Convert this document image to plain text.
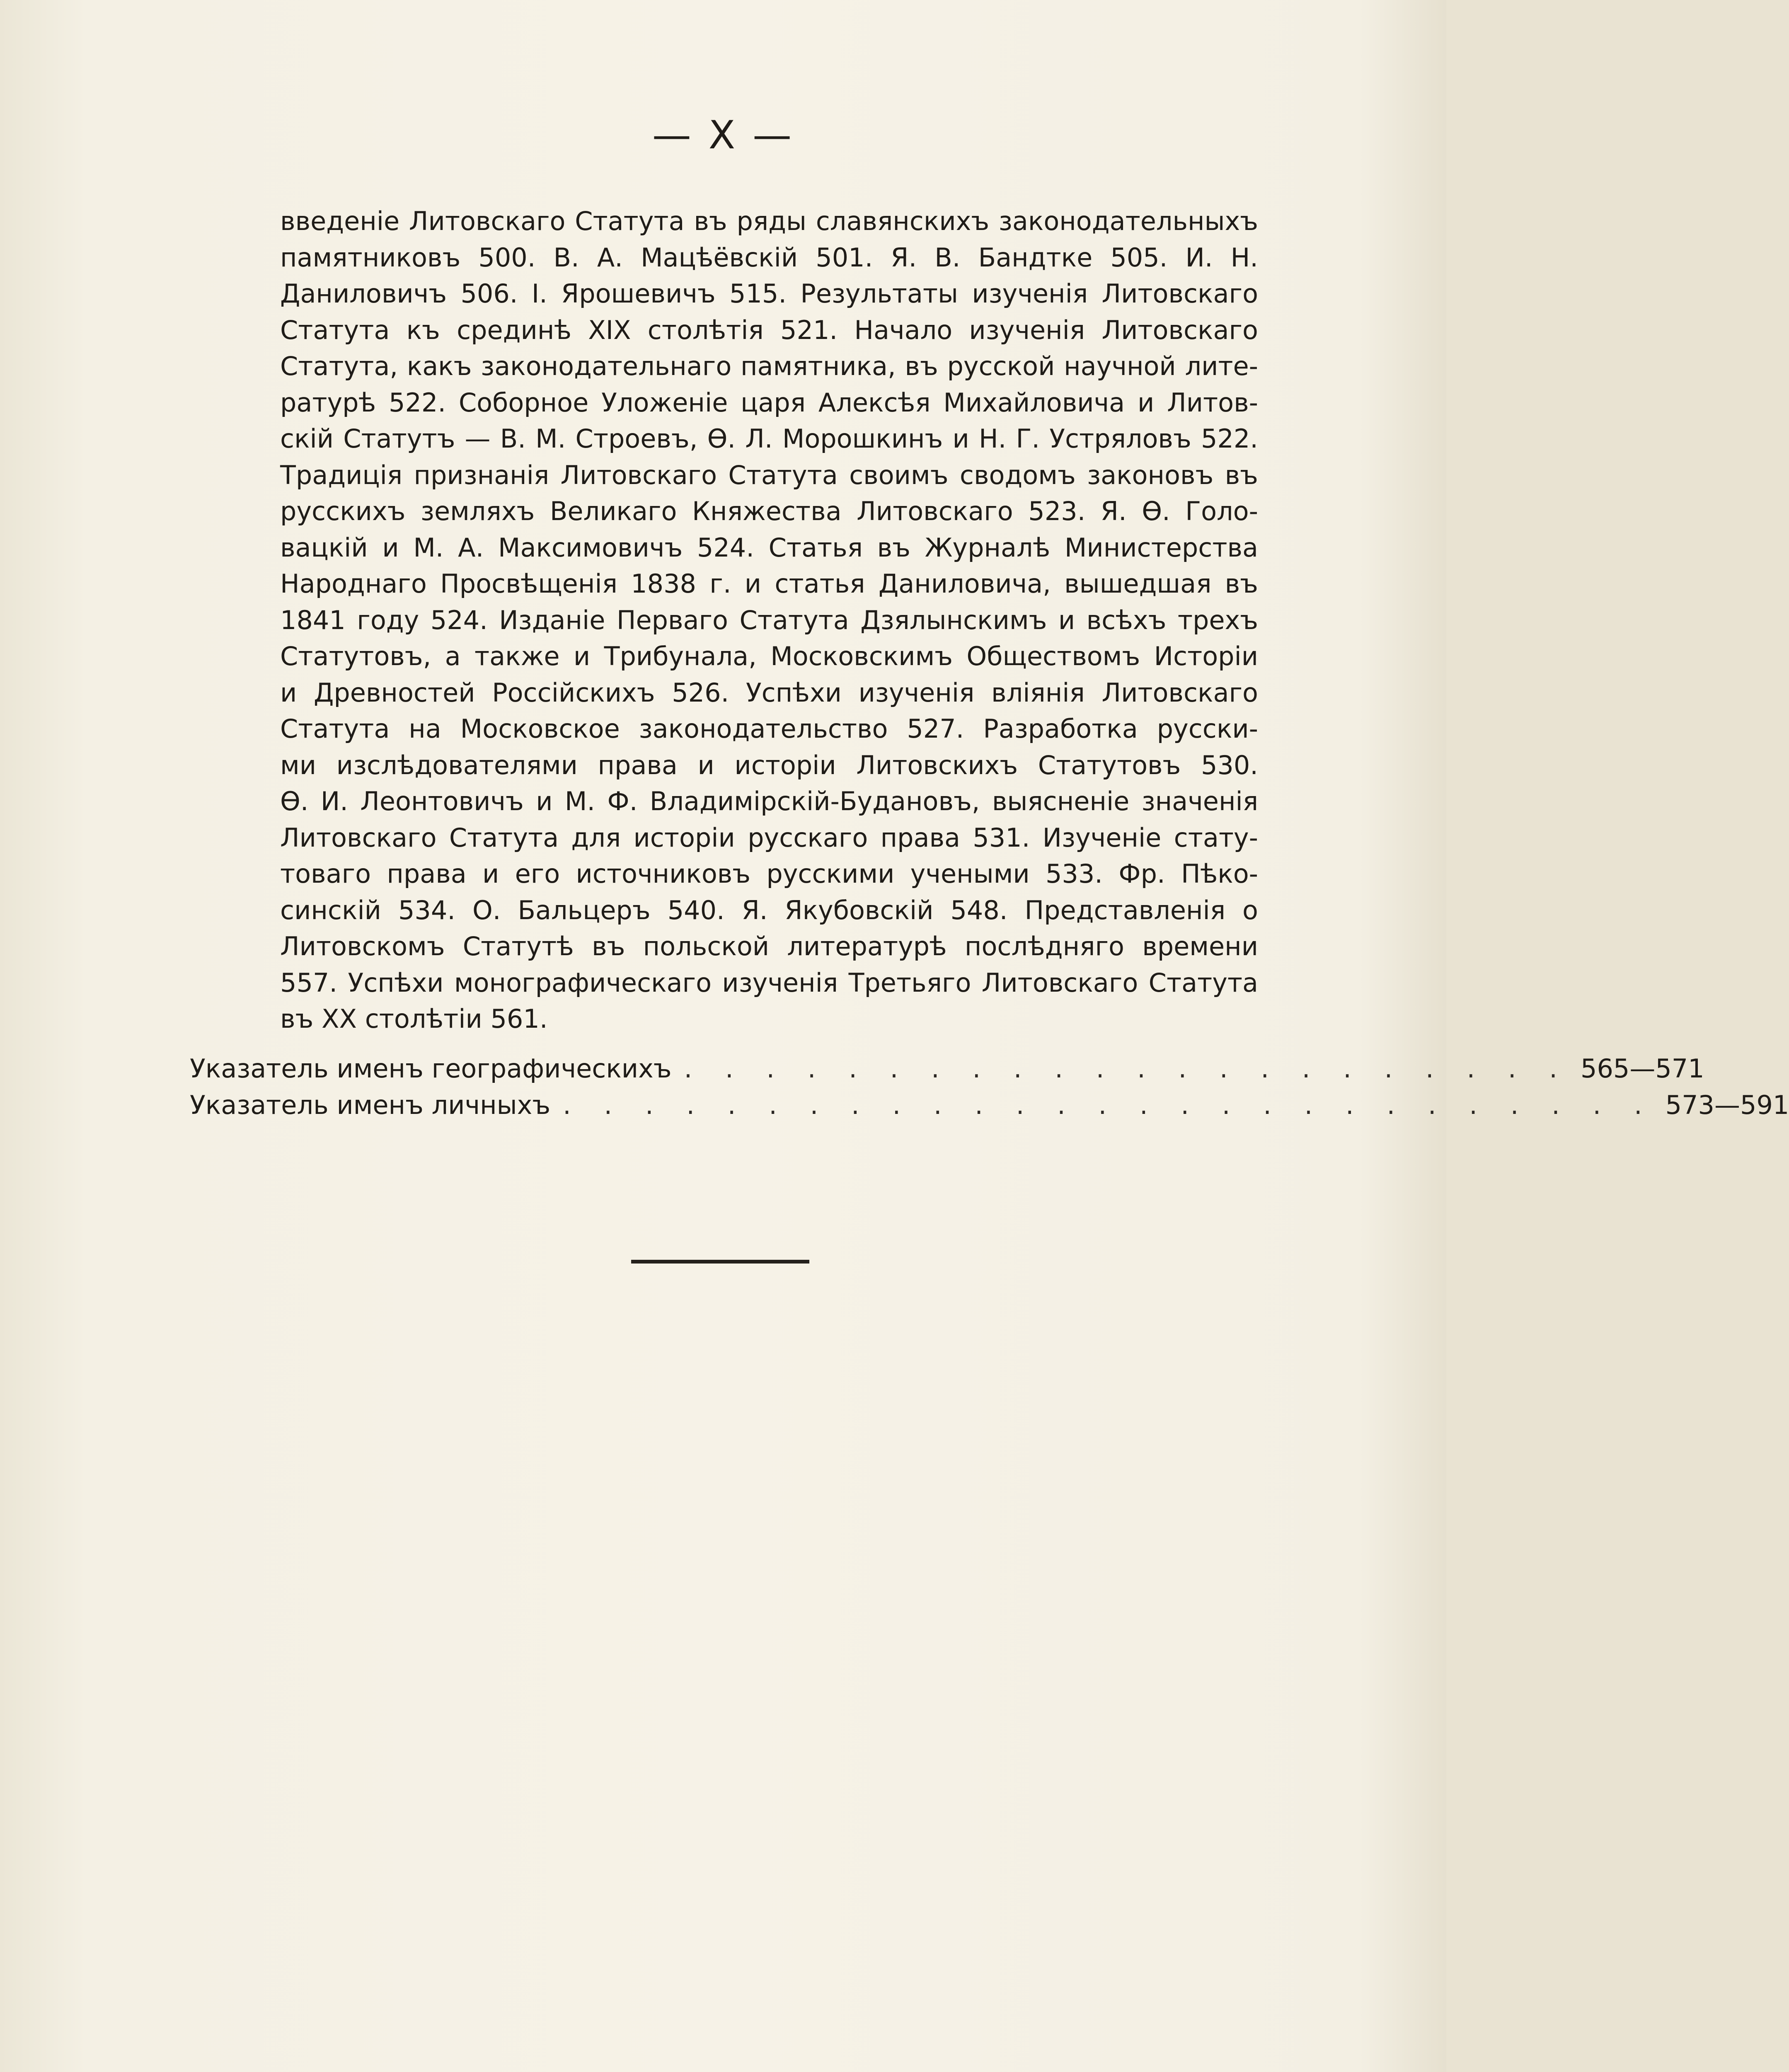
— X —
введеніе Литовскаго Статута въ ряды славянскихъ законодательныхъ
памятниковъ 500. В. А. Мацѣёвскій 501. Я. В. Бандтке 505. И. Н.
Даниловичъ 506. І. Ярошевичъ 515. Результаты изученія Литовскаго
Статута къ срединѣ XIX столѣтія 521. Начало изученія Литовскаго
Статута, какъ законодательнаго памятника, въ русской научной лите-
ратурѣ 522. Соборное Уложеніе царя Алексѣя Михайловича и Литов-
скій Статутъ — В. М. Строевъ, Ѳ. Л. Морошкинъ и Н. Г. Устряловъ 522.
Традиція признанія Литовскаго Статута своимъ сводомъ законовъ въ
русскихъ земляхъ Великаго Княжества Литовскаго 523. Я. Ѳ. Голо-
вацкій и М. А. Максимовичъ 524. Статья въ Журналѣ Министерства
Народнаго Просвѣщенія 1838 г. и статья Даниловича, вышедшая въ
1841 году 524. Изданіе Перваго Статута Дзялынскимъ и всѣхъ трехъ
Статутовъ, а также и Трибунала, Московскимъ Обществомъ Исторіи
и Древностей Россійскихъ 526. Успѣхи изученія вліянія Литовскаго
Статута на Московское законодательство 527. Разработка русски-
ми изслѣдователями права и исторіи Литовскихъ Статутовъ 530.
Ѳ. И. Леонтовичъ и М. Ф. Владимірскій-Будановъ, выясненіе значенія
Литовскаго Статута для исторіи русскаго права 531. Изученіе стату-
товаго права и его источниковъ русскими учеными 533. Фр. Пѣко-
синскій 534. О. Бальцеръ 540. Я. Якубовскій 548. Представленія о
Литовскомъ Статутѣ въ польской литературѣ послѣдняго времени
557. Успѣхи монографическаго изученія Третьяго Литовскаго Статута
въ XX столѣтіи 561.
Указатель именъ географическихъ . . . . . . . . . . . . . . . . . . . . . . 565—571
Указатель именъ личныхъ . . . . . . . . . . . . . . . . . . . . . . . . . . . 573—591
